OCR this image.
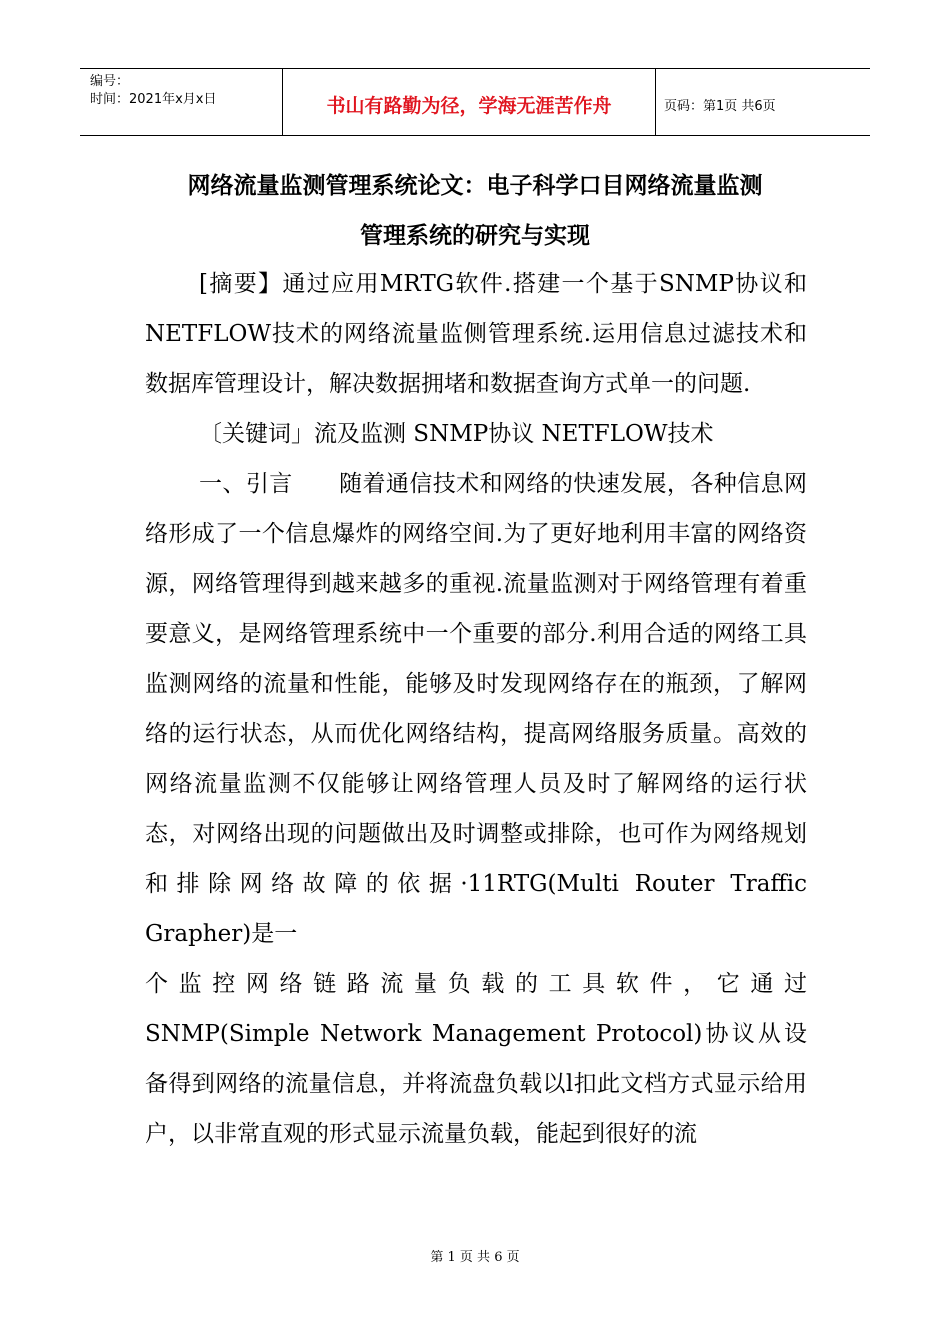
编号：
时间：2021年x月x日	书山有路勤为径，学海无涯苦作舟	页码：第1页 共6页
网络流量监测管理系统论文：电子科学口目网络流量监测
管理系统的研究与实现

[摘要】通过应用MRTG软件.搭建一个基于SNMP协议和NETFLOW技术的网络流量监侧管理系统.运用信息过滤技术和数据库管理设计，解决数据拥堵和数据查询方式单一的问题.

〔关键词」流及监测 SNMP协议 NETFLOW技术

一、引言 随着通信技术和网络的快速发展，各种信息网络形成了一个信息爆炸的网络空间.为了更好地利用丰富的网络资源，网络管理得到越来越多的重视.流量监测对于网络管理有着重要意义，是网络管理系统中一个重要的部分.利用合适的网络工具监测网络的流量和性能，能够及时发现网络存在的瓶颈，了解网络的运行状态，从而优化网络结构，提高网络服务质量。高效的网络流量监测不仅能够让网络管理人员及时了解网络的运行状态，对网络出现的问题做出及时调整或排除，也可作为网络规划和排除网络故障的依据·11RTG(Multi Router Traffic Grapher)是一

个监控网络链路流量负载的工具软件，它通过

SNMP(Simple Network Management Protocol)协议从设备得到网络的流量信息，并将流盘负载以l扣此文档方式显示给用户，以非常直观的形式显示流量负载，能起到很好的流

第 1 页 共 6 页
